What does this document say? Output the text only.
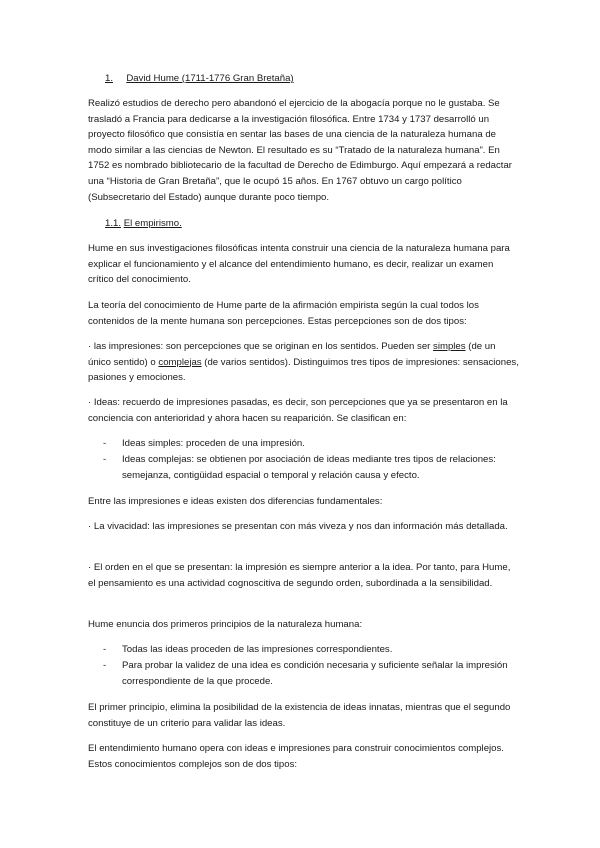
1. David Hume (1711-1776 Gran Bretaña)
Realizó estudios de derecho pero abandonó el ejercicio de la abogacía porque no le gustaba. Se trasladó a Francia para dedicarse a la investigación filosófica. Entre 1734 y 1737 desarrolló un proyecto filosófico que consistía en sentar las bases de una ciencia de la naturaleza humana de modo similar a las ciencias de Newton. El resultado es su “Tratado de la naturaleza humana”. En 1752 es nombrado bibliotecario de la facultad de Derecho de Edimburgo. Aquí empezará a redactar una “Historia de Gran Bretaña”, que le ocupó 15 años. En 1767 obtuvo un cargo político (Subsecretario del Estado) aunque durante poco tiempo.
1.1. El empirismo.
Hume en sus investigaciones filosóficas intenta construir una ciencia de la naturaleza humana para explicar el funcionamiento y el alcance del entendimiento humano, es decir, realizar un examen crítico del conocimiento.
La teoría del conocimiento de Hume parte de la afirmación empirista según la cual todos los contenidos de la mente humana son percepciones. Estas percepciones son de dos tipos:
· las impresiones: son percepciones que se originan en los sentidos. Pueden ser simples (de un único sentido) o complejas (de varios sentidos). Distinguimos tres tipos de impresiones: sensaciones, pasiones y emociones.
· Ideas: recuerdo de impresiones pasadas, es decir, son percepciones que ya se presentaron en la conciencia con anterioridad y ahora hacen su reaparición. Se clasifican en:
-	Ideas simples: proceden de una impresión.
-	Ideas complejas: se obtienen por asociación de ideas mediante tres tipos de relaciones: semejanza, contigüidad espacial o temporal y relación causa y efecto.
Entre las impresiones e ideas existen dos diferencias fundamentales:
· La vivacidad: las impresiones se presentan con más viveza y nos dan información más detallada.
· El orden en el que se presentan: la impresión es siempre anterior a la idea. Por tanto, para Hume, el pensamiento es una actividad cognoscitiva de segundo orden, subordinada a la sensibilidad.
Hume enuncia dos primeros principios de la naturaleza humana:
-	Todas las ideas proceden de las impresiones correspondientes.
-	Para probar la validez de una idea es condición necesaria y suficiente señalar la impresión correspondiente de la que procede.
El primer principio, elimina la posibilidad de la existencia de ideas innatas, mientras que el segundo constituye de un criterio para validar las ideas.
El entendimiento humano opera con ideas e impresiones para construir conocimientos complejos. Estos conocimientos complejos son de dos tipos:
